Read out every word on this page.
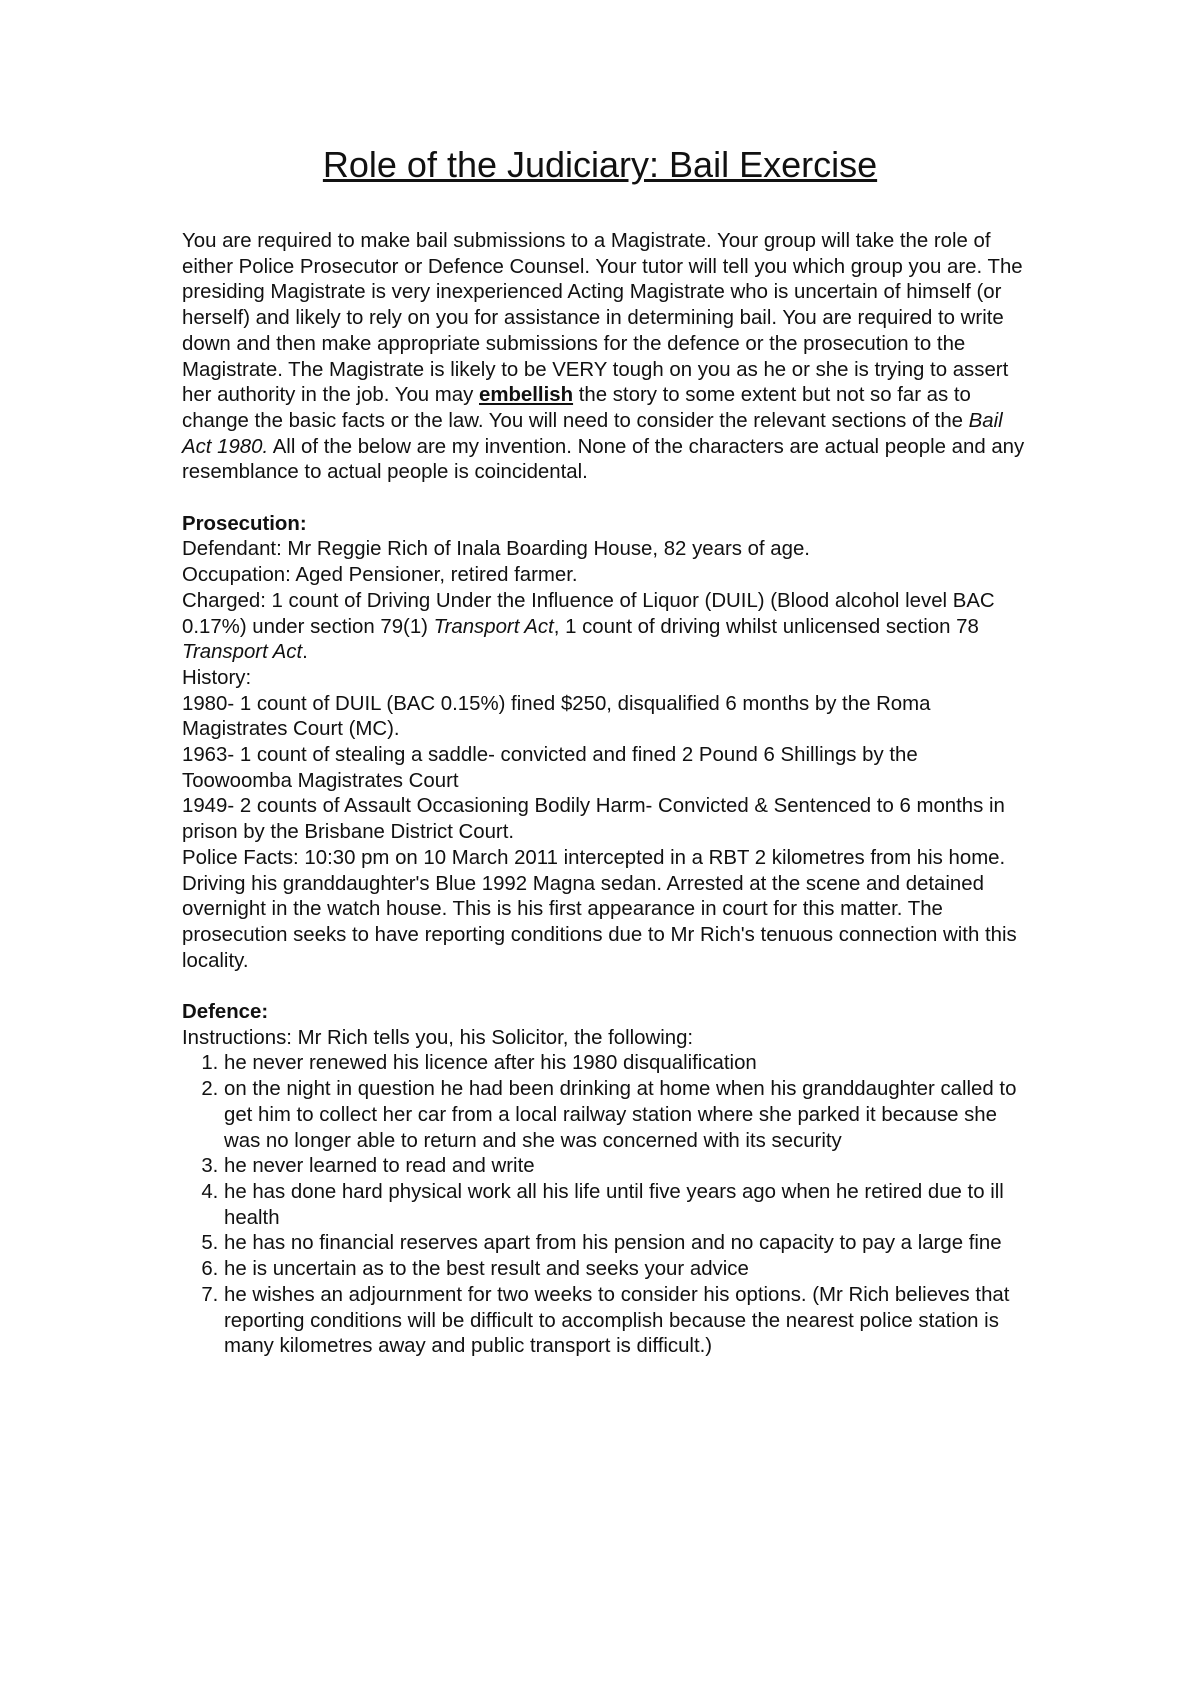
Role of the Judiciary: Bail Exercise

You are required to make bail submissions to a Magistrate. Your group will take the role of either Police Prosecutor or Defence Counsel. Your tutor will tell you which group you are. The presiding Magistrate is very inexperienced Acting Magistrate who is uncertain of himself (or herself) and likely to rely on you for assistance in determining bail. You are required to write down and then make appropriate submissions for the defence or the prosecution to the Magistrate. The Magistrate is likely to be VERY tough on you as he or she is trying to assert her authority in the job. You may embellish the story to some extent but not so far as to change the basic facts or the law. You will need to consider the relevant sections of the Bail Act 1980. All of the below are my invention. None of the characters are actual people and any resemblance to actual people is coincidental.

Prosecution:

Defendant: Mr Reggie Rich of Inala Boarding House, 82 years of age.

Occupation: Aged Pensioner, retired farmer.

Charged: 1 count of Driving Under the Influence of Liquor (DUIL) (Blood alcohol level BAC 0.17%) under section 79(1) Transport Act, 1 count of driving whilst unlicensed section 78 Transport Act.

History:

1980- 1 count of DUIL (BAC 0.15%) fined $250, disqualified 6 months by the Roma Magistrates Court (MC).

1963- 1 count of stealing a saddle- convicted and fined 2 Pound 6 Shillings by the Toowoomba Magistrates Court

1949- 2 counts of Assault Occasioning Bodily Harm- Convicted & Sentenced to 6 months in prison by the Brisbane District Court.

Police Facts: 10:30 pm on 10 March 2011 intercepted in a RBT 2 kilometres from his home. Driving his granddaughter's Blue 1992 Magna sedan. Arrested at the scene and detained overnight in the watch house. This is his first appearance in court for this matter. The prosecution seeks to have reporting conditions due to Mr Rich's tenuous connection with this locality.

Defence:

Instructions: Mr Rich tells you, his Solicitor, the following:

1. he never renewed his licence after his 1980 disqualification
2. on the night in question he had been drinking at home when his granddaughter called to get him to collect her car from a local railway station where she parked it because she was no longer able to return and she was concerned with its security
3. he never learned to read and write
4. he has done hard physical work all his life until five years ago when he retired due to ill health
5. he has no financial reserves apart from his pension and no capacity to pay a large fine
6. he is uncertain as to the best result and seeks your advice
7. he wishes an adjournment for two weeks to consider his options. (Mr Rich believes that reporting conditions will be difficult to accomplish because the nearest police station is many kilometres away and public transport is difficult.)
